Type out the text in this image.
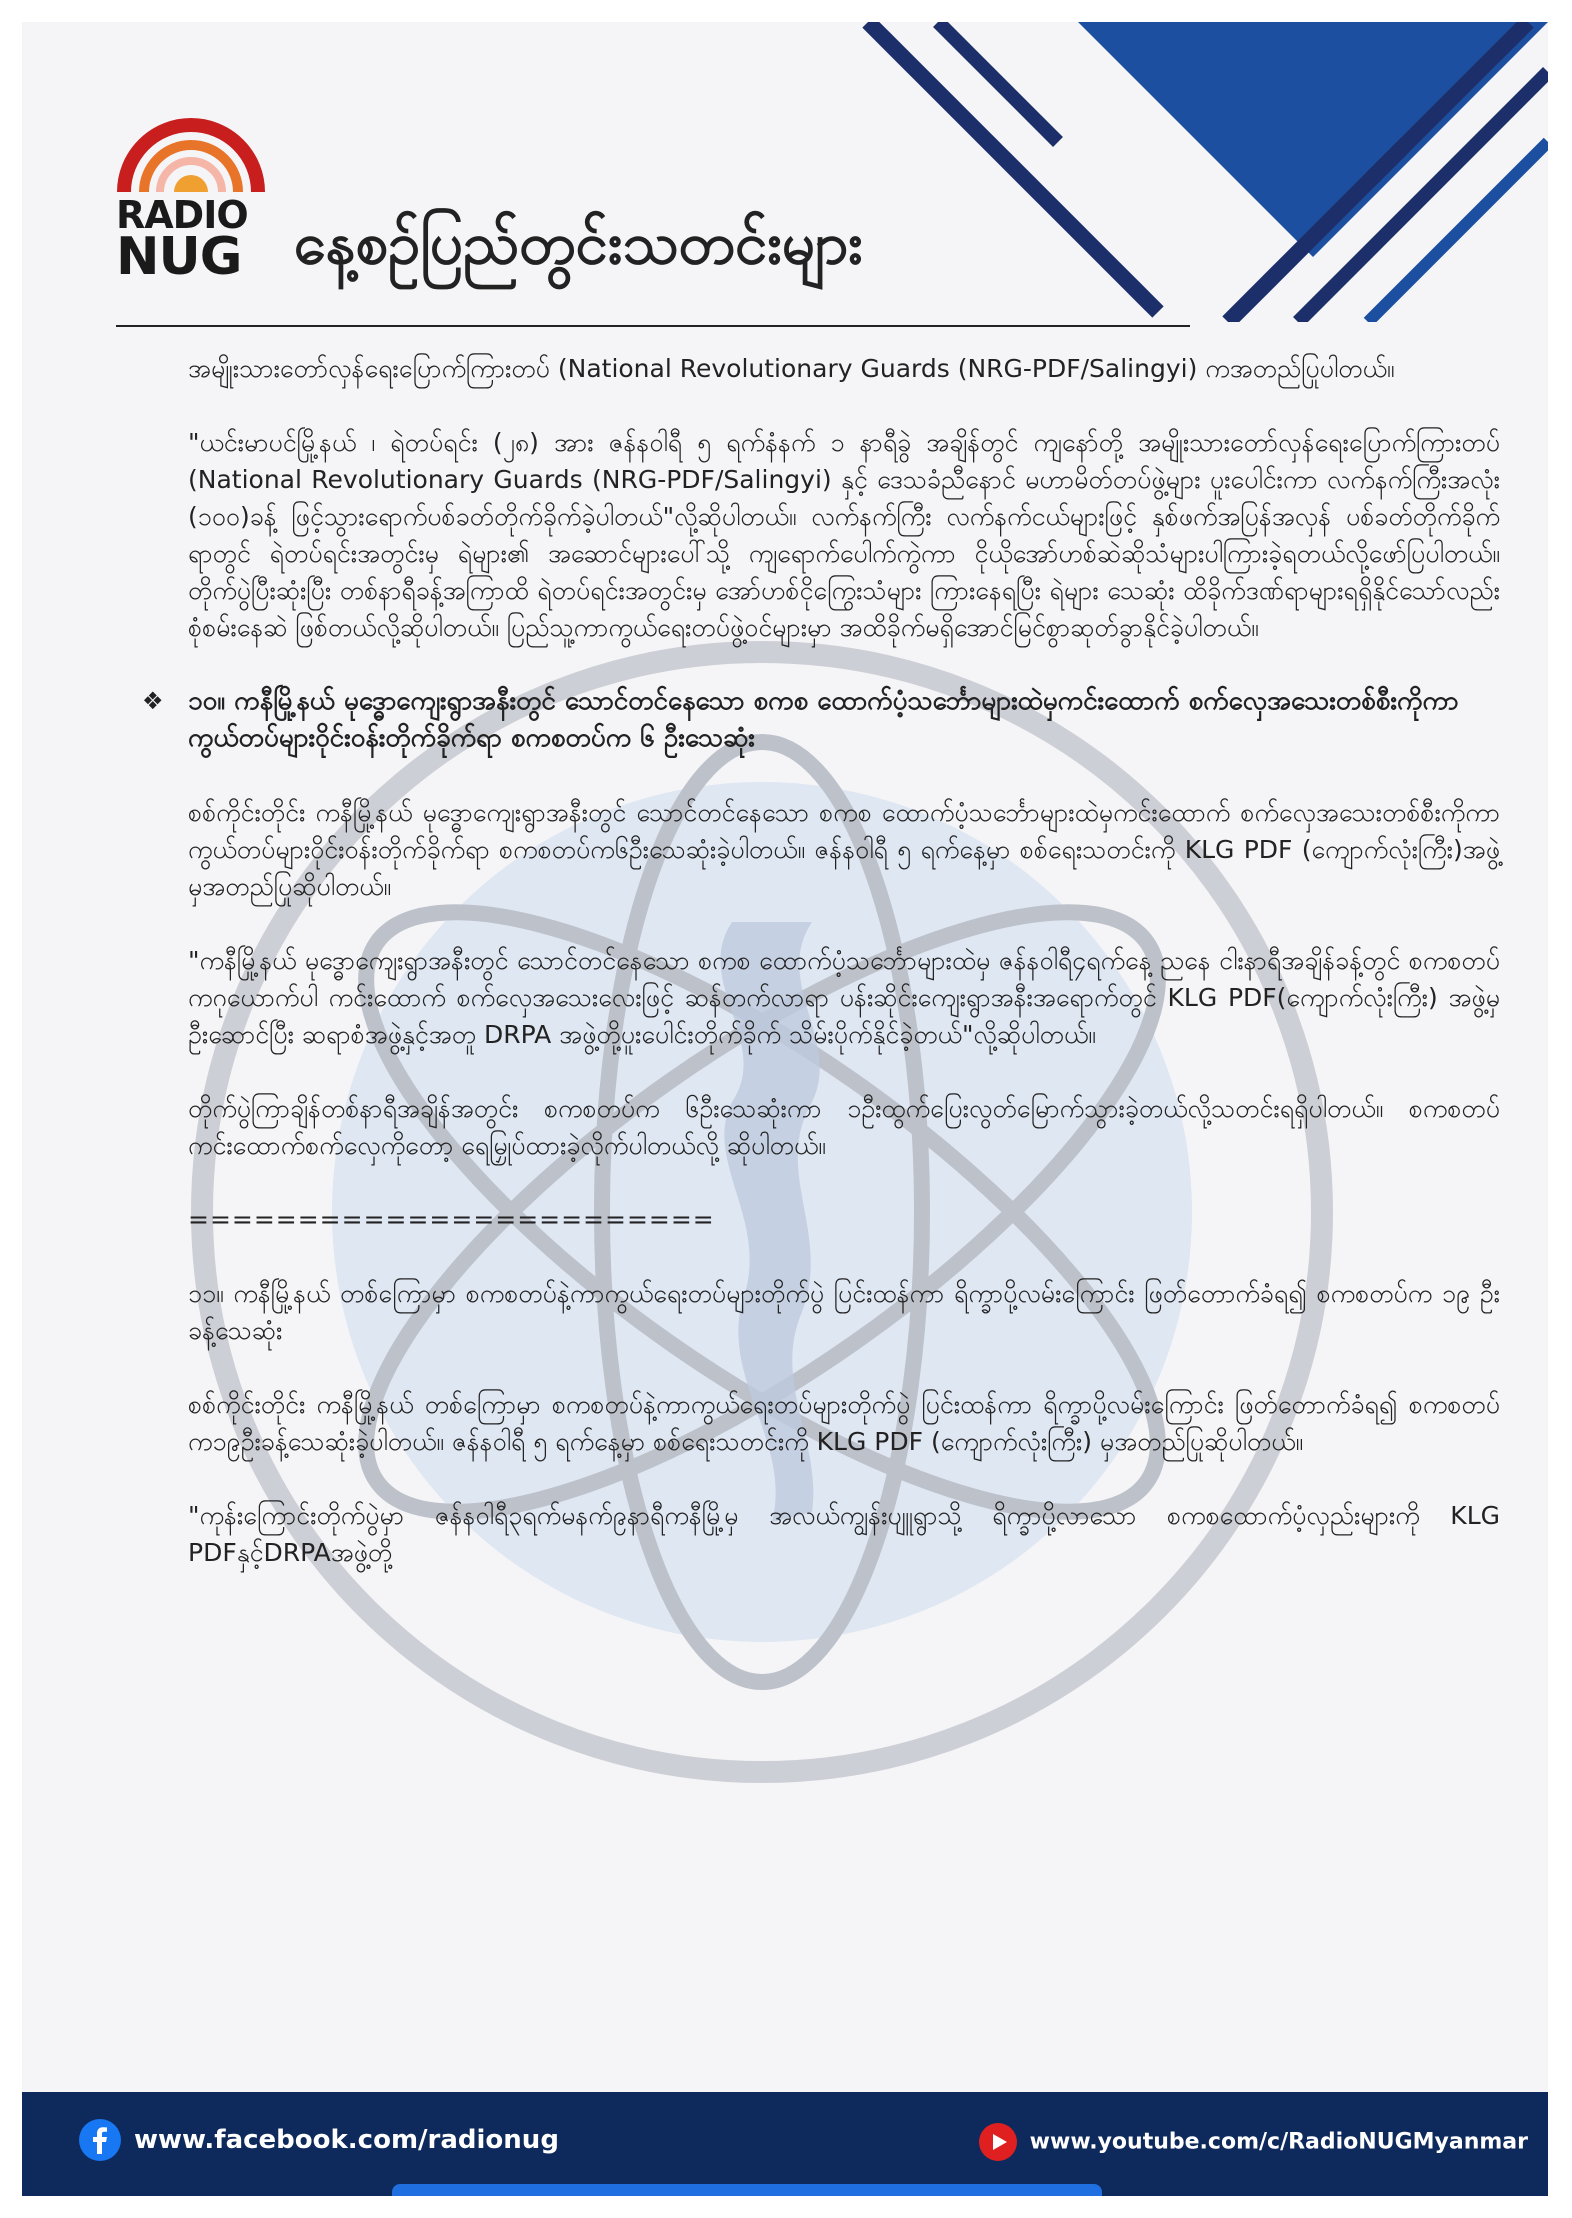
RADIO
NUG နေ့စဉ်ပြည်တွင်းသတင်းများ

အမျိုးသားတော်လှန်ရေးပြောက်ကြားတပ် (National Revolutionary Guards (NRG-PDF/Salingyi) ကအတည်ပြုပါတယ်။

"ယင်းမာပင်မြို့နယ် ၊ ရဲတပ်ရင်း (၂၈) အား ဇန်နဝါရီ ၅ ရက်နံနက် ၁ နာရီခွဲ အချိန်တွင် ကျနော်တို့ အမျိုးသားတော်လှန်ရေးပြောက်ကြားတပ် (National Revolutionary Guards (NRG-PDF/Salingyi) နှင့် ဒေသခံညီနောင် မဟာမိတ်တပ်ဖွဲ့များ ပူးပေါင်းကာ လက်နက်ကြီးအလုံး (၁၀၀)ခန့် ဖြင့်သွားရောက်ပစ်ခတ်တိုက်ခိုက်ခဲ့ပါတယ်"လို့ဆိုပါတယ်။ လက်နက်ကြီး လက်နက်ငယ်များဖြင့် နှစ်ဖက်အပြန်အလှန် ပစ်ခတ်တိုက်ခိုက်ရာတွင် ရဲတပ်ရင်းအတွင်းမှ ရဲများ၏ အဆောင်များပေါ်သို့ ကျရောက်ပေါက်ကွဲကာ ငိုယိုအော်ဟစ်ဆဲဆိုသံများပါကြားခဲ့ရတယ်လို့ဖော်ပြပါတယ်။ တိုက်ပွဲပြီးဆုံးပြီး တစ်နာရီခန့်အကြာထိ ရဲတပ်ရင်းအတွင်းမှ အော်ဟစ်ငိုကြွေးသံများ ကြားနေရပြီး ရဲများ သေဆုံး ထိခိုက်ဒဏ်ရာများရရှိနိုင်သော်လည်း စုံစမ်းနေဆဲ ဖြစ်တယ်လို့ဆိုပါတယ်။ ပြည်သူ့ကာကွယ်ရေးတပ်ဖွဲ့ဝင်များမှာ အထိခိုက်မရှိအောင်မြင်စွာဆုတ်ခွာနိုင်ခဲ့ပါတယ်။

❖ ၁၀။ ကနီမြို့နယ် မုဒ္ဓောကျေးရွာအနီးတွင် သောင်တင်နေသော စကစ ထောက်ပံ့သင်္ဘောများထဲမှကင်းထောက် စက်လှေအသေးတစ်စီးကိုကာကွယ်တပ်များဝိုင်းဝန်းတိုက်ခိုက်ရာ စကစတပ်က ၆ ဦးသေဆုံး

စစ်ကိုင်းတိုင်း ကနီမြို့နယ် မုဒ္ဓောကျေးရွာအနီးတွင် သောင်တင်နေသော စကစ ထောက်ပံ့သင်္ဘောများထဲမှကင်းထောက် စက်လှေအသေးတစ်စီးကိုကာကွယ်တပ်များဝိုင်းဝန်းတိုက်ခိုက်ရာ စကစတပ်က၆ဦးသေဆုံးခဲ့ပါတယ်။ ဇန်နဝါရီ ၅ ရက်နေ့မှာ စစ်ရေးသတင်းကို KLG PDF (ကျောက်လုံးကြီး)အဖွဲ့မှအတည်ပြုဆိုပါတယ်။

"ကနီမြို့နယ် မုဒ္ဓောကျေးရွာအနီးတွင် သောင်တင်နေသော စကစ ထောက်ပံ့သင်္ဘောများထဲမှ ဇန်နဝါရီ၄ရက်နေ့ ညနေ ငါးနာရီအချိန်ခန့်တွင် စကစတပ်ကဂုယောက်ပါ ကင်းထောက် စက်လှေအသေးလေးဖြင့် ဆန်တက်လာရာ ပန်းဆိုင်းကျေးရွာအနီးအရောက်တွင် KLG PDF(ကျောက်လုံးကြီး) အဖွဲ့မှ ဦးဆောင်ပြီး ဆရာစံအဖွဲ့နှင့်အတူ DRPA အဖွဲ့တို့ပူးပေါင်းတိုက်ခိုက် သိမ်းပိုက်နိုင်ခဲ့တယ်"လို့ဆိုပါတယ်။

တိုက်ပွဲကြာချိန်တစ်နာရီအချိန်အတွင်း စကစတပ်က ၆ဦးသေဆုံးကာ ၁ဦးထွက်ပြေးလွတ်မြောက်သွားခဲ့တယ်လို့သတင်းရရှိပါတယ်။ စကစတပ် ကင်းထောက်စက်လှေကိုတော့ ရေမြှုပ်ထားခဲ့လိုက်ပါတယ်လို့ ဆိုပါတယ်။

========================

၁၁။ ကနီမြို့နယ် တစ်ကြောမှာ စကစတပ်နဲ့ကာကွယ်ရေးတပ်များတိုက်ပွဲ ပြင်းထန်ကာ ရိက္ခာပို့လမ်းကြောင်း ဖြတ်တောက်ခံရ၍ စကစတပ်က ၁၉ ဦးခန့်သေဆုံး

စစ်ကိုင်းတိုင်း ကနီမြို့နယ် တစ်ကြောမှာ စကစတပ်နဲ့ကာကွယ်ရေးတပ်များတိုက်ပွဲ ပြင်းထန်ကာ ရိက္ခာပို့လမ်းကြောင်း ဖြတ်တောက်ခံရ၍ စကစတပ်က၁၉ဦးခန့်သေဆုံးခဲ့ပါတယ်။ ဇန်နဝါရီ ၅ ရက်နေ့မှာ စစ်ရေးသတင်းကို KLG PDF (ကျောက်လုံးကြီး) မှအတည်ပြုဆိုပါတယ်။

"ကုန်းကြောင်းတိုက်ပွဲမှာ ဇန်နဝါရီ၃ရက်မနက်၉နာရီကနီမြို့မှ အလယ်ကျွန်းပျူရွာသို့ ရိက္ခာပို့လာသော စကစထောက်ပံ့လှည်းများကို KLG PDFနှင့်DRPAအဖွဲ့တို့

www.facebook.com/radionug	www.youtube.com/c/RadioNUGMyanmar
